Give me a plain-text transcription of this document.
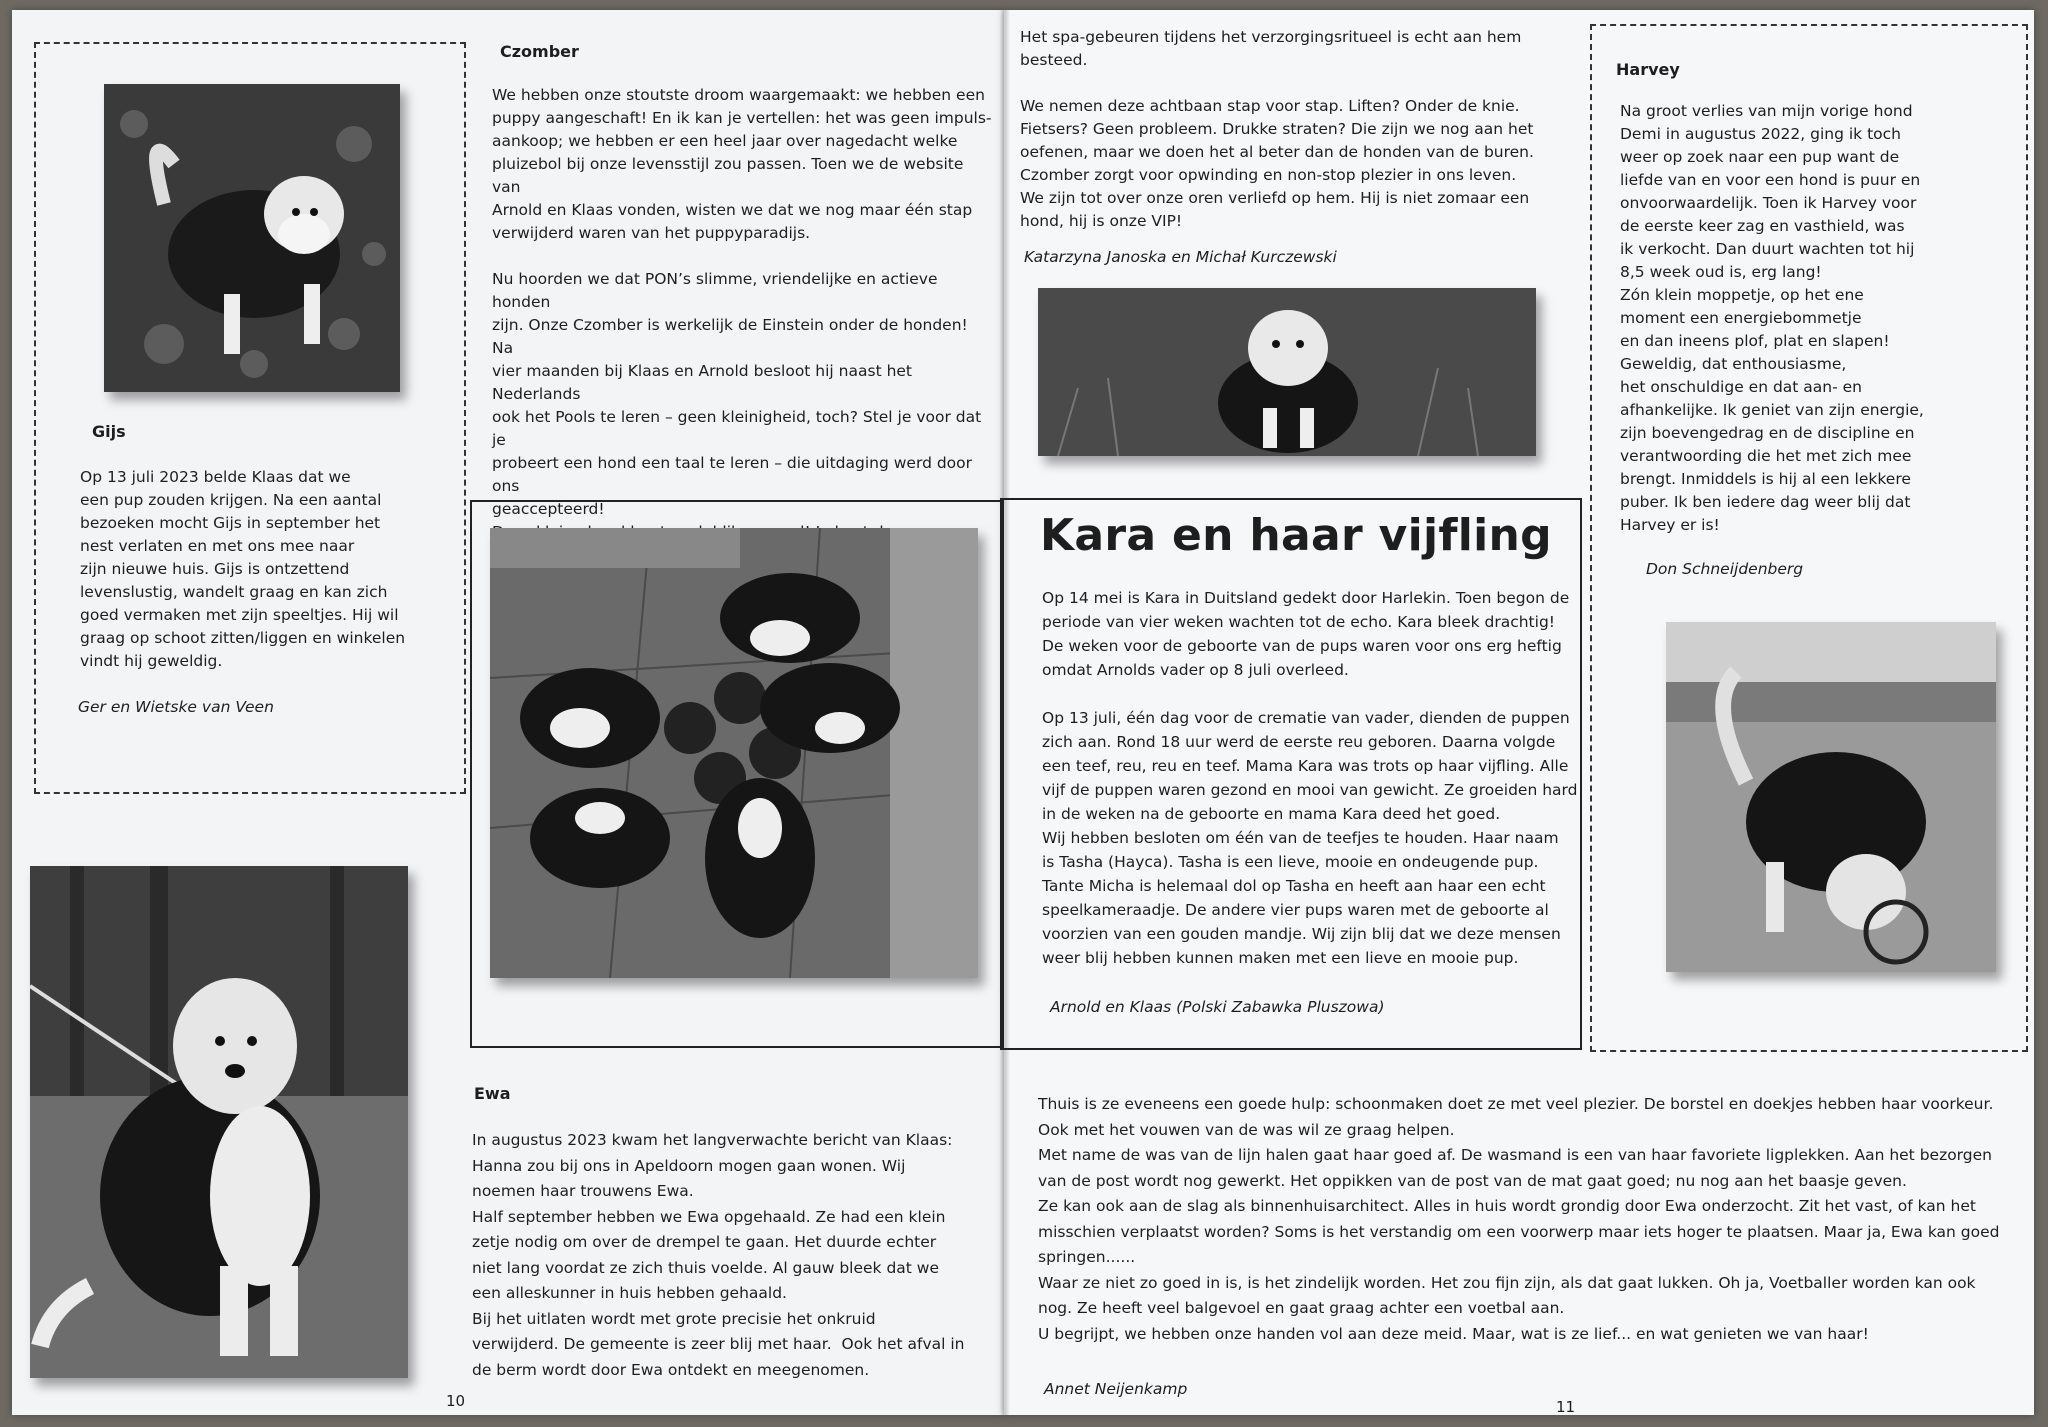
Gijs

Op 13 juli 2023 belde Klaas dat we
een pup zouden krijgen. Na een aantal
bezoeken mocht Gijs in september het
nest verlaten en met ons mee naar
zijn nieuwe huis. Gijs is ontzettend
levenslustig, wandelt graag en kan zich
goed vermaken met zijn speeltjes. Hij wil
graag op schoot zitten/liggen en winkelen
vindt hij geweldig.

Ger en Wietske van Veen

Czomber

We hebben onze stoutste droom waargemaakt: we hebben een
puppy aangeschaft! En ik kan je vertellen: het was geen impuls-
aankoop; we hebben er een heel jaar over nagedacht welke
pluizebol bij onze levensstijl zou passen. Toen we de website van
Arnold en Klaas vonden, wisten we dat we nog maar één stap
verwijderd waren van het puppyparadijs.

Nu hoorden we dat PON’s slimme, vriendelijke en actieve honden
zijn. Onze Czomber is werkelijk de Einstein onder de honden! Na
vier maanden bij Klaas en Arnold besloot hij naast het Nederlands
ook het Pools te leren – geen kleinigheid, toch? Stel je voor dat je
probeert een hond een taal te leren – die uitdaging werd door ons
geaccepteerd!

Ewa

In augustus 2023 kwam het langverwachte bericht van Klaas:
Hanna zou bij ons in Apeldoorn mogen gaan wonen. Wij
noemen haar trouwens Ewa.
Half september hebben we Ewa opgehaald. Ze had een klein
zetje nodig om over de drempel te gaan. Het duurde echter
niet lang voordat ze zich thuis voelde. Al gauw bleek dat we
een alleskunner in huis hebben gehaald.
Bij het uitlaten wordt met grote precisie het onkruid
verwijderd. De gemeente is zeer blij met haar.  Ook het afval in
de berm wordt door Ewa ontdekt en meegenomen.

10

Het spa-gebeuren tijdens het verzorgingsritueel is echt aan hem
besteed.

We nemen deze achtbaan stap voor stap. Liften? Onder de knie.
Fietsers? Geen probleem. Drukke straten? Die zijn we nog aan het
oefenen, maar we doen het al beter dan de honden van de buren.
Czomber zorgt voor opwinding en non-stop plezier in ons leven.
We zijn tot over onze oren verliefd op hem. Hij is niet zomaar een
hond, hij is onze VIP!

Katarzyna Janoska en Michał Kurczewski

Harvey

Na groot verlies van mijn vorige hond
Demi in augustus 2022, ging ik toch
weer op zoek naar een pup want de
liefde van en voor een hond is puur en
onvoorwaardelijk. Toen ik Harvey voor
de eerste keer zag en vasthield, was
ik verkocht. Dan duurt wachten tot hij
8,5 week oud is, erg lang!
Zón klein moppetje, op het ene
moment een energiebommetje
en dan ineens plof, plat en slapen!
Geweldig, dat enthousiasme,
het onschuldige en dat aan- en
afhankelijke. Ik geniet van zijn energie,
zijn boevengedrag en de discipline en
verantwoording die het met zich mee
brengt. Inmiddels is hij al een lekkere
puber. Ik ben iedere dag weer blij dat
Harvey er is!

Don Schneijdenberg
Kara en haar vijfling

Op 14 mei is Kara in Duitsland gedekt door Harlekin. Toen begon de
periode van vier weken wachten tot de echo. Kara bleek drachtig!
De weken voor de geboorte van de pups waren voor ons erg heftig
omdat Arnolds vader op 8 juli overleed.

Op 13 juli, één dag voor de crematie van vader, dienden de puppen
zich aan. Rond 18 uur werd de eerste reu geboren. Daarna volgde
een teef, reu, reu en teef. Mama Kara was trots op haar vijfling. Alle
vijf de puppen waren gezond en mooi van gewicht. Ze groeiden hard
in de weken na de geboorte en mama Kara deed het goed.
Wij hebben besloten om één van de teefjes te houden. Haar naam
is Tasha (Hayca). Tasha is een lieve, mooie en ondeugende pup.
Tante Micha is helemaal dol op Tasha en heeft aan haar een echt
speelkameraadje. De andere vier pups waren met de geboorte al
voorzien van een gouden mandje. Wij zijn blij dat we deze mensen
weer blij hebben kunnen maken met een lieve en mooie pup.

Arnold en Klaas (Polski Zabawka Pluszowa)

Thuis is ze eveneens een goede hulp: schoonmaken doet ze met veel plezier. De borstel en doekjes hebben haar voorkeur.
Ook met het vouwen van de was wil ze graag helpen.
Met name de was van de lijn halen gaat haar goed af. De wasmand is een van haar favoriete ligplekken. Aan het bezorgen
van de post wordt nog gewerkt. Het oppikken van de post van de mat gaat goed; nu nog aan het baasje geven.
Ze kan ook aan de slag als binnenhuisarchitect. Alles in huis wordt grondig door Ewa onderzocht. Zit het vast, of kan het
misschien verplaatst worden? Soms is het verstandig om een voorwerp maar iets hoger te plaatsen. Maar ja, Ewa kan goed
springen......
Waar ze niet zo goed in is, is het zindelijk worden. Het zou fijn zijn, als dat gaat lukken. Oh ja, Voetballer worden kan ook
nog. Ze heeft veel balgevoel en gaat graag achter een voetbal aan.
U begrijpt, we hebben onze handen vol aan deze meid. Maar, wat is ze lief... en wat genieten we van haar!

Annet Neijenkamp
11
